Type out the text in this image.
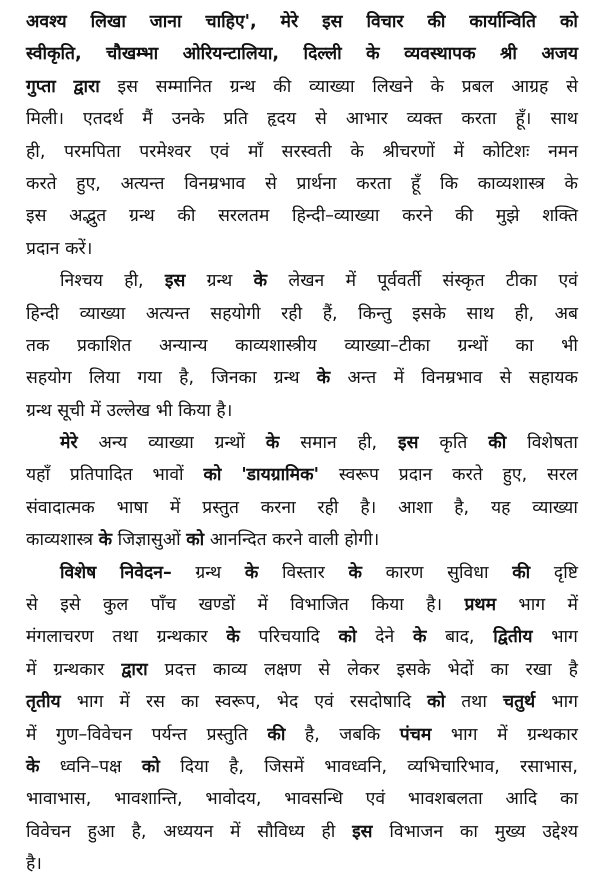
अवश्य लिखा जाना चाहिए', मेरे इस विचार की कार्यान्विति को
स्वीकृति, चौखम्भा ओरियन्टालिया, दिल्ली के व्यवस्थापक श्री अजय
गुप्ता द्वारा इस सम्मानित ग्रन्थ की व्याख्या लिखने के प्रबल आग्रह से
मिली। एतदर्थ मैं उनके प्रति हृदय से आभार व्यक्त करता हूँ। साथ
ही, परमपिता परमेश्वर एवं माँ सरस्वती के श्रीचरणों में कोटिशः नमन
करते हुए, अत्यन्त विनम्रभाव से प्रार्थना करता हूँ कि काव्यशास्त्र के
इस अद्भुत ग्रन्थ की सरलतम हिन्दी–व्याख्या करने की मुझे शक्ति
प्रदान करें।
निश्चय ही, इस ग्रन्थ के लेखन में पूर्ववर्ती संस्कृत टीका एवं
हिन्दी व्याख्या अत्यन्त सहयोगी रही हैं, किन्तु इसके साथ ही, अब
तक प्रकाशित अन्यान्य काव्यशास्त्रीय व्याख्या–टीका ग्रन्थों का भी
सहयोग लिया गया है, जिनका ग्रन्थ के अन्त में विनम्रभाव से सहायक
ग्रन्थ सूची में उल्लेख भी किया है।
मेरे अन्य व्याख्या ग्रन्थों के समान ही, इस कृति की विशेषता
यहाँ प्रतिपादित भावों को 'डायग्रामिक' स्वरूप प्रदान करते हुए, सरल
संवादात्मक भाषा में प्रस्तुत करना रही है। आशा है, यह व्याख्या
काव्यशास्त्र के जिज्ञासुओं को आनन्दित करने वाली होगी।
विशेष निवेदन– ग्रन्थ के विस्तार के कारण सुविधा की दृष्टि
से इसे कुल पाँच खण्डों में विभाजित किया है। प्रथम भाग में
मंगलाचरण तथा ग्रन्थकार के परिचयादि को देने के बाद, द्वितीय भाग
में ग्रन्थकार द्वारा प्रदत्त काव्य लक्षण से लेकर इसके भेदों का रखा है
तृतीय भाग में रस का स्वरूप, भेद एवं रसदोषादि को तथा चतुर्थ भाग
में गुण–विवेचन पर्यन्त प्रस्तुति की है, जबकि पंचम भाग में ग्रन्थकार
के ध्वनि–पक्ष को दिया है, जिसमें भावध्वनि, व्यभिचारिभाव, रसाभास,
भावाभास, भावशान्ति, भावोदय, भावसन्धि एवं भावशबलता आदि का
विवेचन हुआ है, अध्ययन में सौविध्य ही इस विभाजन का मुख्य उद्देश्य
है।
